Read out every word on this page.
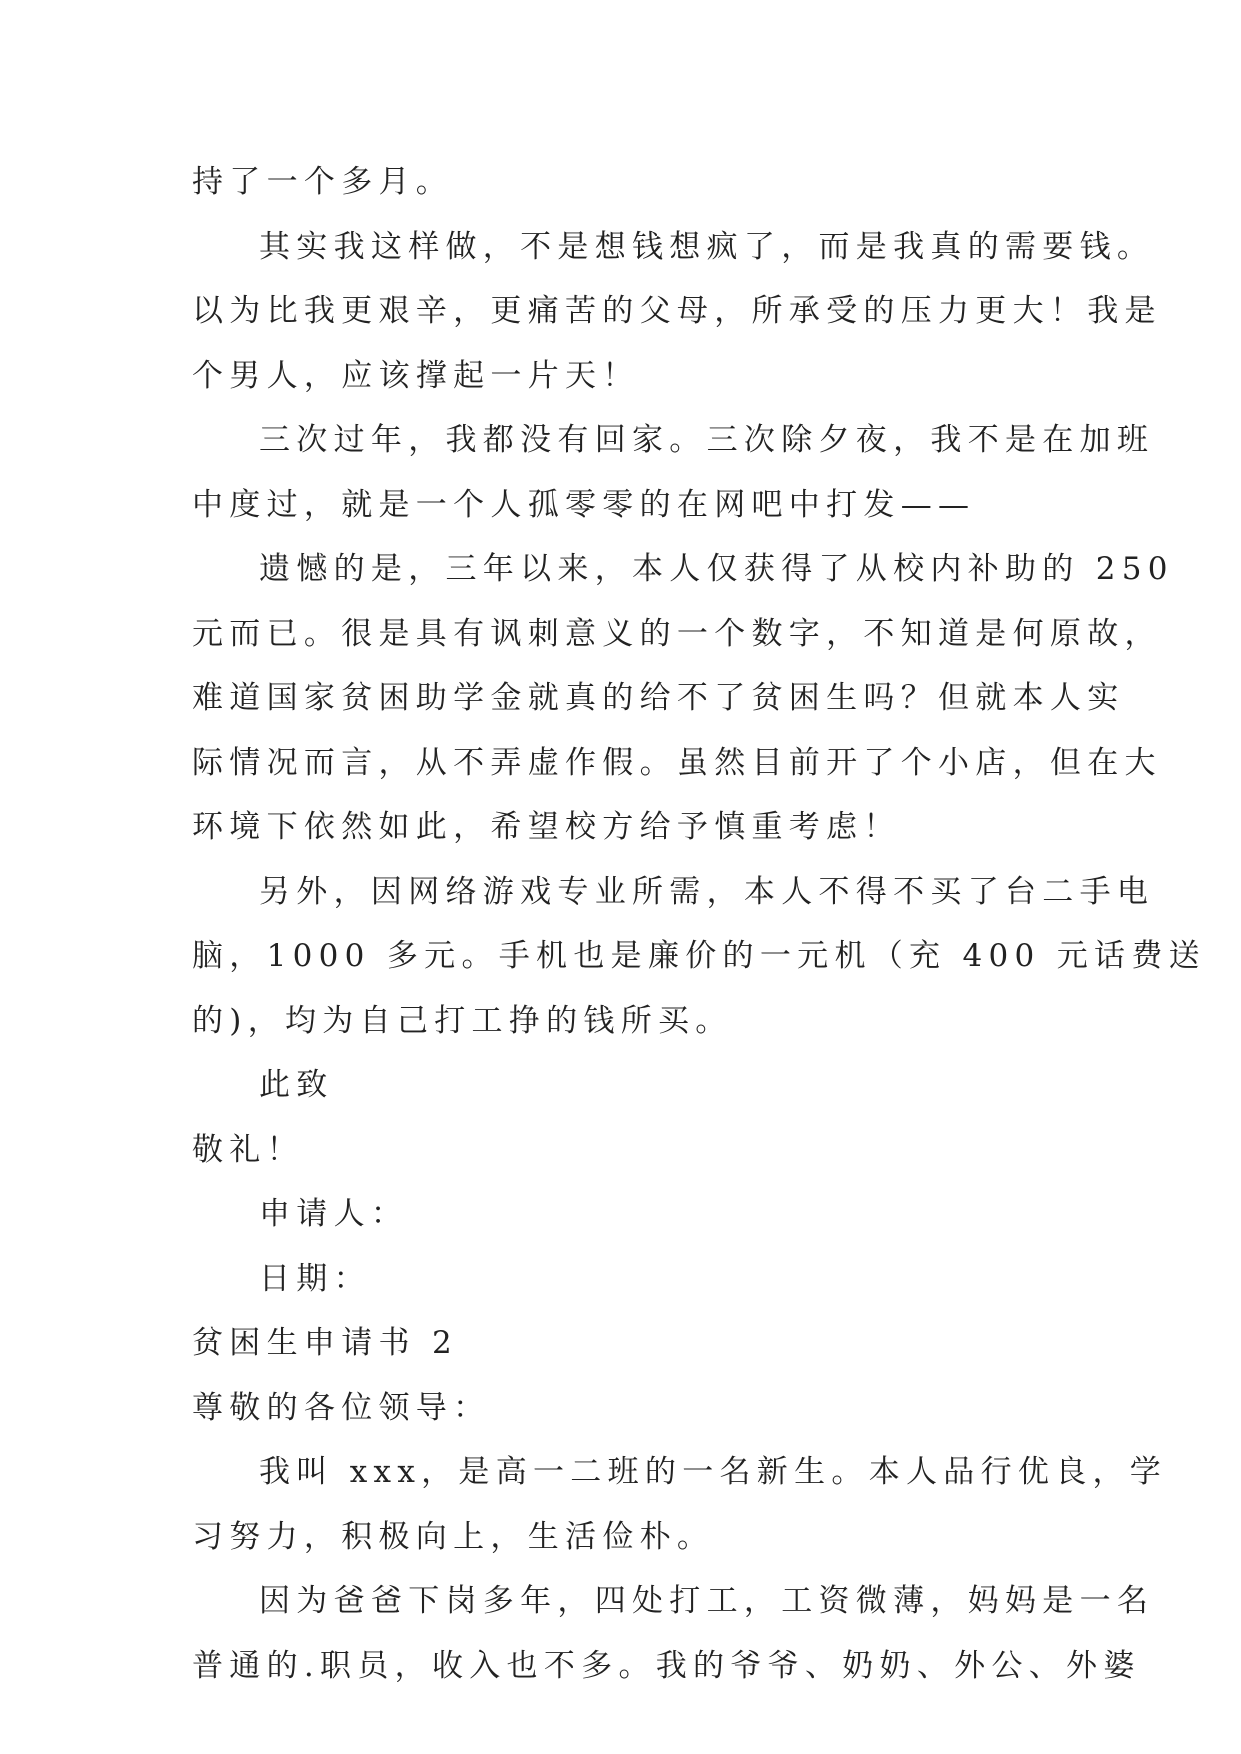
持了一个多月。
其实我这样做，不是想钱想疯了，而是我真的需要钱。
以为比我更艰辛，更痛苦的父母，所承受的压力更大！我是
个男人，应该撑起一片天！
三次过年，我都没有回家。三次除夕夜，我不是在加班
中度过，就是一个人孤零零的在网吧中打发——
遗憾的是，三年以来，本人仅获得了从校内补助的 250
元而已。很是具有讽刺意义的一个数字，不知道是何原故，
难道国家贫困助学金就真的给不了贫困生吗？但就本人实
际情况而言，从不弄虚作假。虽然目前开了个小店，但在大
环境下依然如此，希望校方给予慎重考虑！
另外，因网络游戏专业所需，本人不得不买了台二手电
脑，1000 多元。手机也是廉价的一元机（充 400 元话费送
的)，均为自己打工挣的钱所买。
此致
敬礼！
申请人：
日期：
贫困生申请书 2
尊敬的各位领导：
我叫 xxx，是高一二班的一名新生。本人品行优良，学
习努力，积极向上，生活俭朴。
因为爸爸下岗多年，四处打工，工资微薄，妈妈是一名
普通的.职员，收入也不多。我的爷爷、奶奶、外公、外婆
